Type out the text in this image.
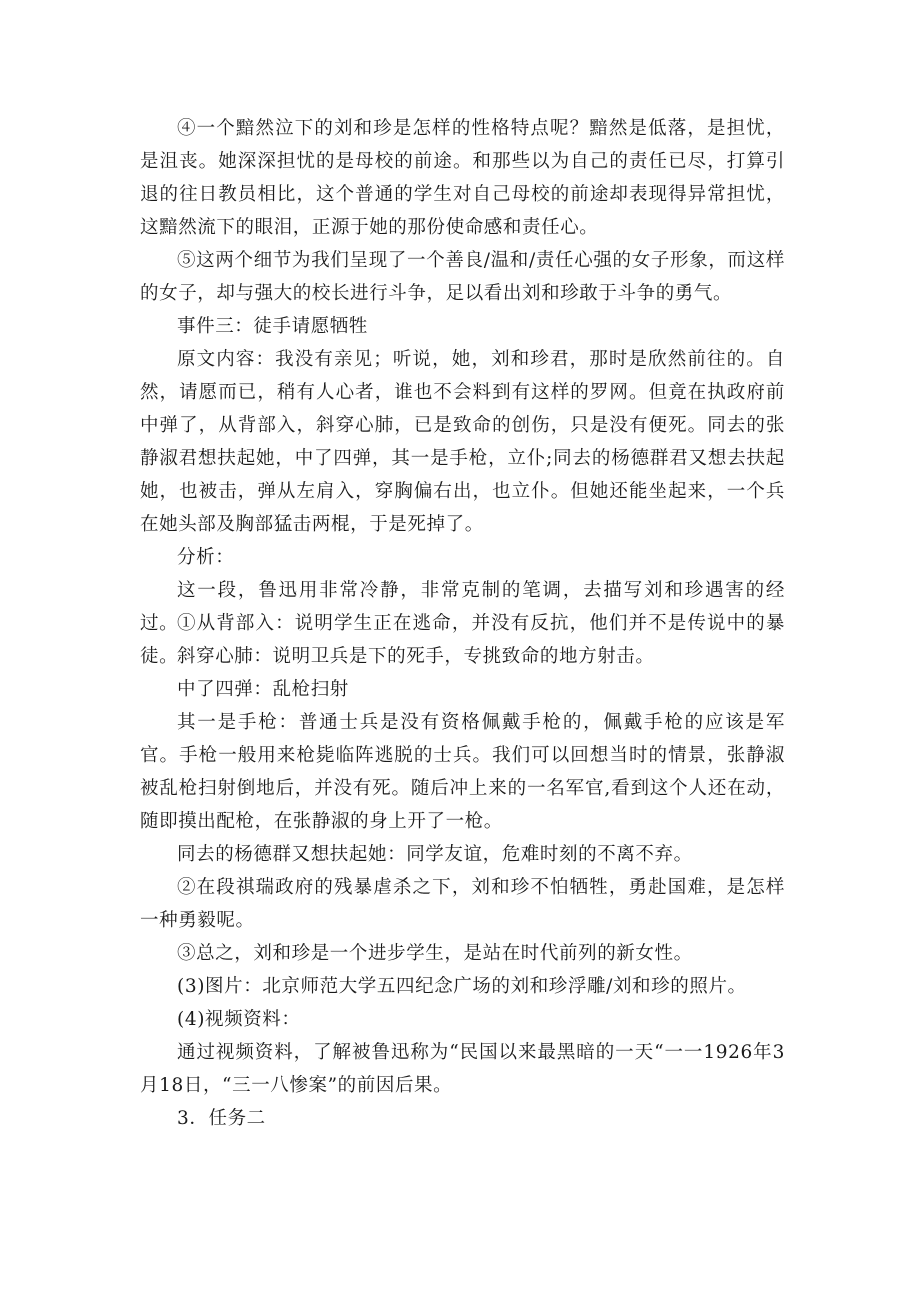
④一个黯然泣下的刘和珍是怎样的性格特点呢？黯然是低落，是担忧，是沮丧。她深深担忧的是母校的前途。和那些以为自己的责任已尽，打算引退的往日教员相比，这个普通的学生对自己母校的前途却表现得异常担忧，这黯然流下的眼泪，正源于她的那份使命感和责任心。

⑤这两个细节为我们呈现了一个善良/温和/责任心强的女子形象，而这样的女子，却与强大的校长进行斗争，足以看出刘和珍敢于斗争的勇气。

事件三：徒手请愿牺牲

原文内容：我没有亲见；听说，她，刘和珍君，那时是欣然前往的。自然，请愿而已，稍有人心者，谁也不会料到有这样的罗网。但竟在执政府前中弹了，从背部入，斜穿心肺，已是致命的创伤，只是没有便死。同去的张静淑君想扶起她，中了四弹，其一是手枪，立仆;同去的杨德群君又想去扶起她，也被击，弹从左肩入，穿胸偏右出，也立仆。但她还能坐起来，一个兵在她头部及胸部猛击两棍，于是死掉了。

分析：

这一段，鲁迅用非常冷静，非常克制的笔调，去描写刘和珍遇害的经过。

①从背部入：说明学生正在逃命，并没有反抗，他们并不是传说中的暴徒。

斜穿心肺：说明卫兵是下的死手，专挑致命的地方射击。

中了四弹：乱枪扫射

其一是手枪：普通士兵是没有资格佩戴手枪的，佩戴手枪的应该是军官。手枪一般用来枪毙临阵逃脱的士兵。我们可以回想当时的情景，张静淑被乱枪扫射倒地后，并没有死。随后冲上来的一名军官,看到这个人还在动，随即摸出配枪，在张静淑的身上开了一枪。

同去的杨德群又想扶起她：同学友谊，危难时刻的不离不弃。

②在段祺瑞政府的残暴虐杀之下，刘和珍不怕牺牲，勇赴国难，是怎样一种勇毅呢。

③总之，刘和珍是一个进步学生，是站在时代前列的新女性。

(3)图片：北京师范大学五四纪念广场的刘和珍浮雕/刘和珍的照片。

(4)视频资料：

通过视频资料，了解被鲁迅称为“民国以来最黑暗的一天“一一1926年3月18日，“三一八惨案”的前因后果。

3．任务二
